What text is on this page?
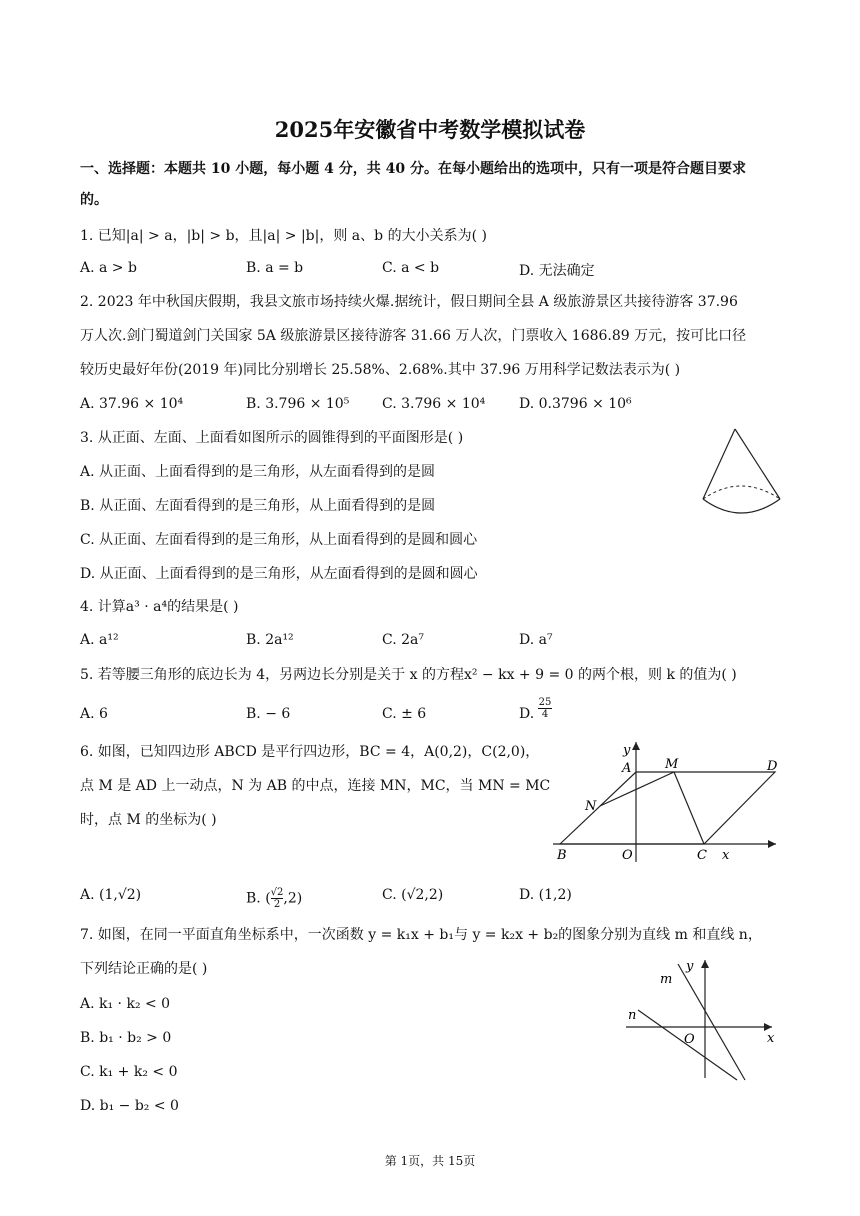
2025年安徽省中考数学模拟试卷
一、选择题：本题共 10 小题，每小题 4 分，共 40 分。在每小题给出的选项中，只有一项是符合题目要求
的。
1. 已知|a| > a，|b| > b，且|a| > |b|，则 a、b 的大小关系为( )
A. a > b	B. a = b	C. a < b	D. 无法确定
2. 2023 年中秋国庆假期，我县文旅市场持续火爆.据统计，假日期间全县 A 级旅游景区共接待游客 37.96
万人次.剑门蜀道剑门关国家 5A 级旅游景区接待游客 31.66 万人次，门票收入 1686.89 万元，按可比口径
较历史最好年份(2019 年)同比分别增长 25.58%、2.68%.其中 37.96 万用科学记数法表示为( )
A. 37.96 × 10⁴	B. 3.796 × 10⁵ C. 3.796 × 10⁴ D. 0.3796 × 10⁶
3. 从正面、左面、上面看如图所示的圆锥得到的平面图形是( )
A. 从正面、上面看得到的是三角形，从左面看得到的是圆
B. 从正面、左面看得到的是三角形，从上面看得到的是圆
C. 从正面、左面看得到的是三角形，从上面看得到的是圆和圆心
D. 从正面、上面看得到的是三角形，从左面看得到的是圆和圆心
4. 计算a³ · a⁴的结果是( )
A. a¹²	B. 2a¹²	C. 2a⁷	D. a⁷
5. 若等腰三角形的底边长为 4，另两边长分别是关于 x 的方程x² − kx + 9 = 0 的两个根，则 k 的值为( )
A. 6	B. − 6	C. ± 6	D. $\frac{25}{4}$
6. 如图，已知四边形 ABCD 是平行四边形，BC = 4，A(0,2)，C(2,0)，
点 M 是 AD 上一动点，N 为 AB 的中点，连接 MN，MC，当 MN = MC
时，点 M 的坐标为( )
y
A	M	D
N
B	O	C x
A. (1,√2)	B. ( $\frac{√2}{2} ,2$)	C. (√2,2)	D. (1,2)
7. 如图，在同一平面直角坐标系中，一次函数 y = k₁x + b₁与 y = k₂x + b₂的图象分别为直线 m 和直线 n，
下列结论正确的是( )
A. k₁ · k₂ < 0
B. b₁ · b₂ > 0
C. k₁ + k₂ < 0
D. b₁ − b₂ < 0
m
y
n
O	x
第 1页，共 15页
